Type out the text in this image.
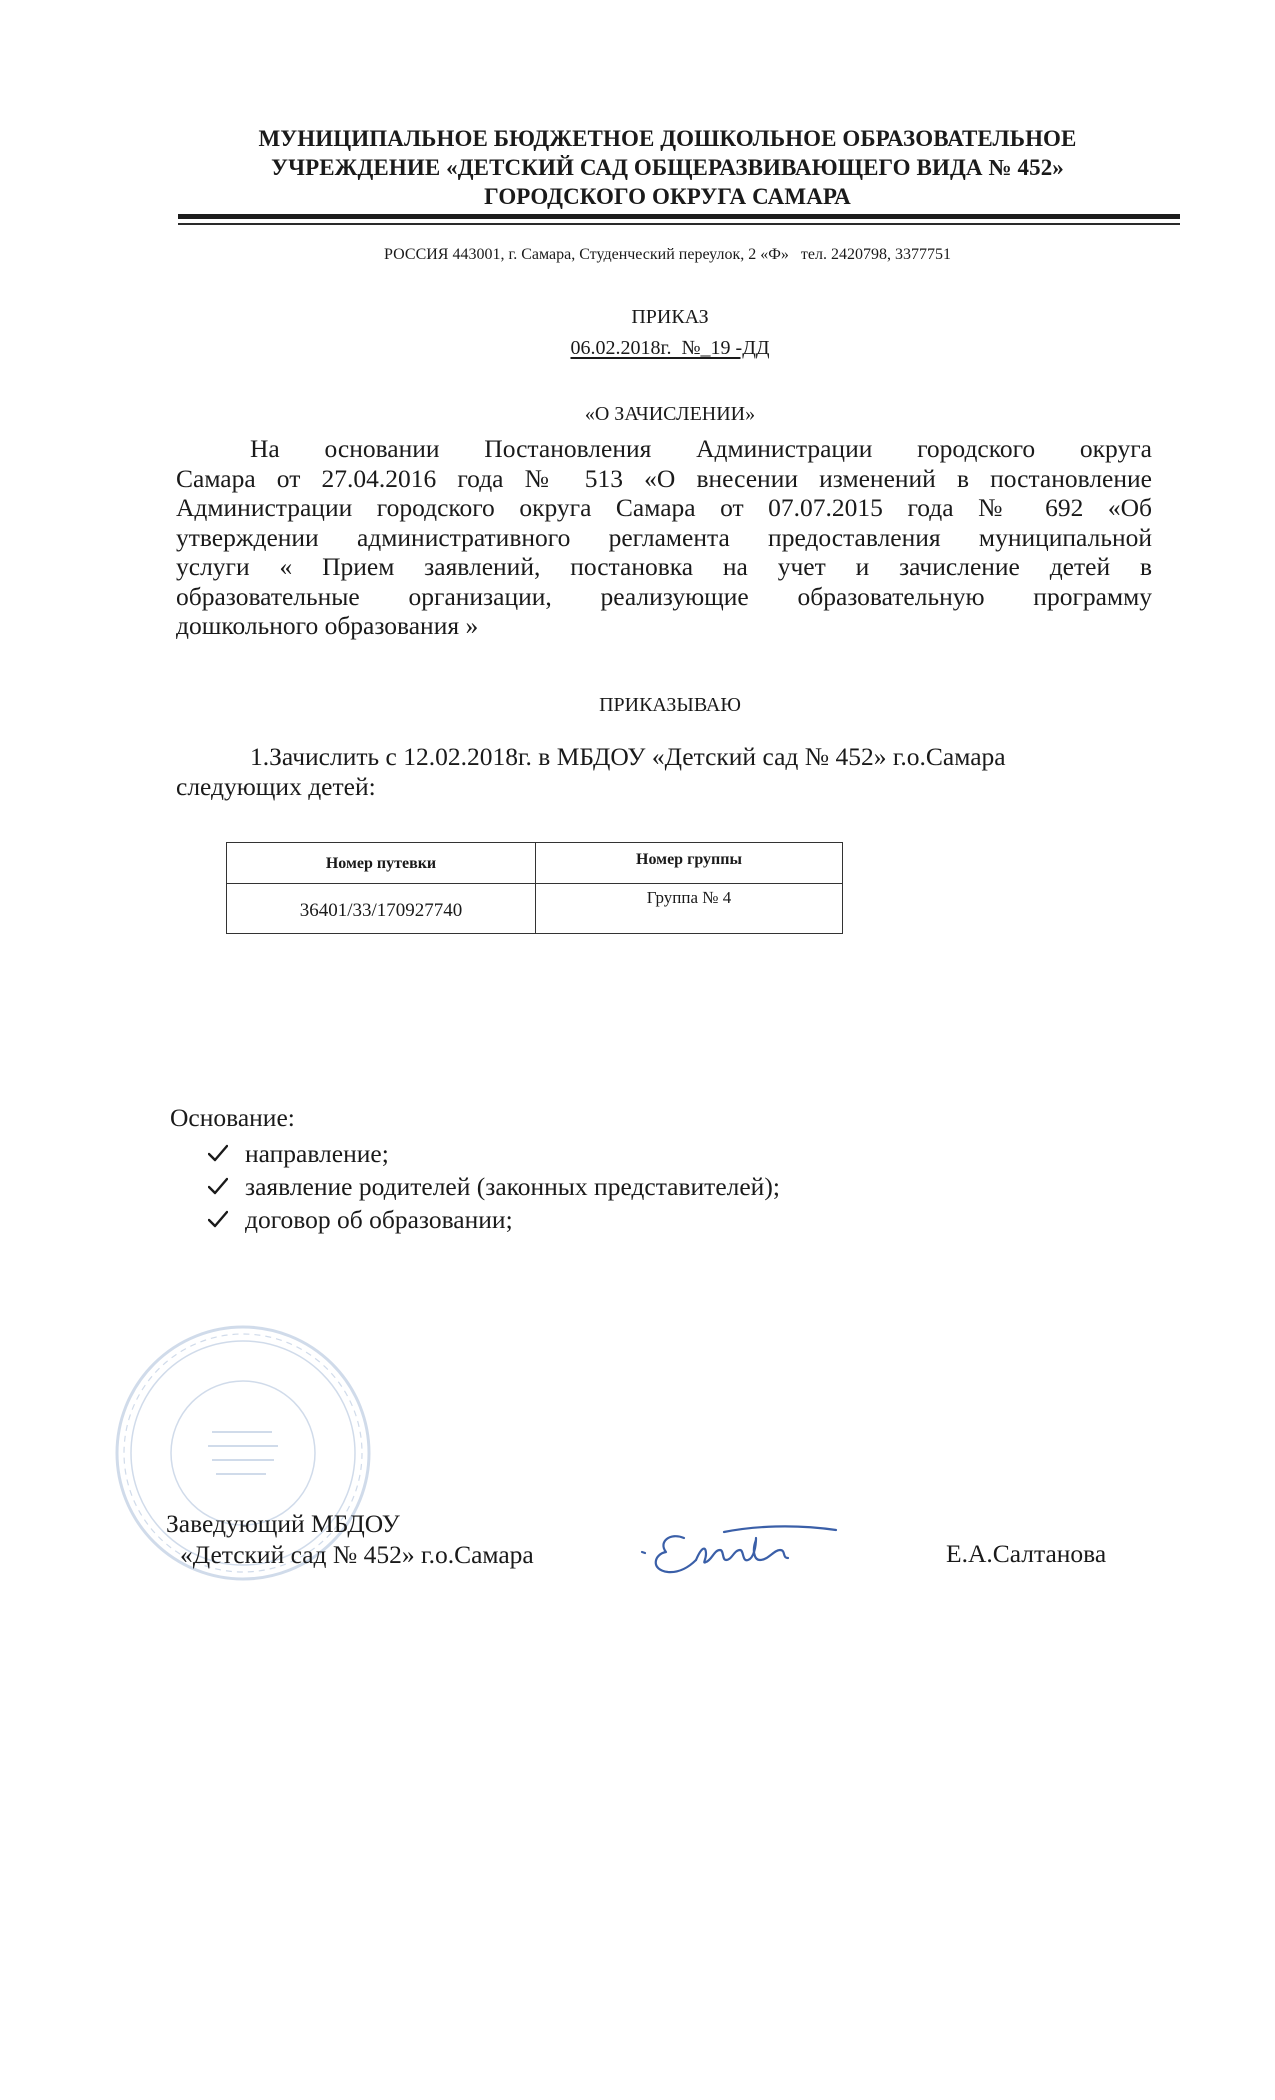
МУНИЦИПАЛЬНОЕ БЮДЖЕТНОЕ ДОШКОЛЬНОЕ ОБРАЗОВАТЕЛЬНОЕ
УЧРЕЖДЕНИЕ «ДЕТСКИЙ САД ОБЩЕРАЗВИВАЮЩЕГО ВИДА № 452»
ГОРОДСКОГО ОКРУГА САМАРА
РОССИЯ 443001, г. Самара, Студенческий переулок, 2 «Ф»   тел. 2420798, 3377751
ПРИКАЗ
06.02.2018г.  №_19 -ДД
«О ЗАЧИСЛЕНИИ»
На основании Постановления Администрации городского округа
Самара от 27.04.2016 года № 513 «О внесении изменений в постановление
Администрации городского округа Самара от 07.07.2015 года № 692 «Об
утверждении административного регламента предоставления муниципальной
услуги « Прием заявлений, постановка на учет и зачисление детей в
образовательные организации, реализующие образовательную программу
дошкольного образования »
ПРИКАЗЫВАЮ
1.Зачислить с 12.02.2018г. в МБДОУ «Детский сад № 452» г.о.Самара
следующих детей:
Номер путевки	Номер группы
36401/33/170927740
Группа № 4
Основание:
направление;
заявление родителей (законных представителей);
договор об образовании;
Заведующий МБДОУ
«Детский сад № 452» г.о.Самара	Е.А.Салтанова
